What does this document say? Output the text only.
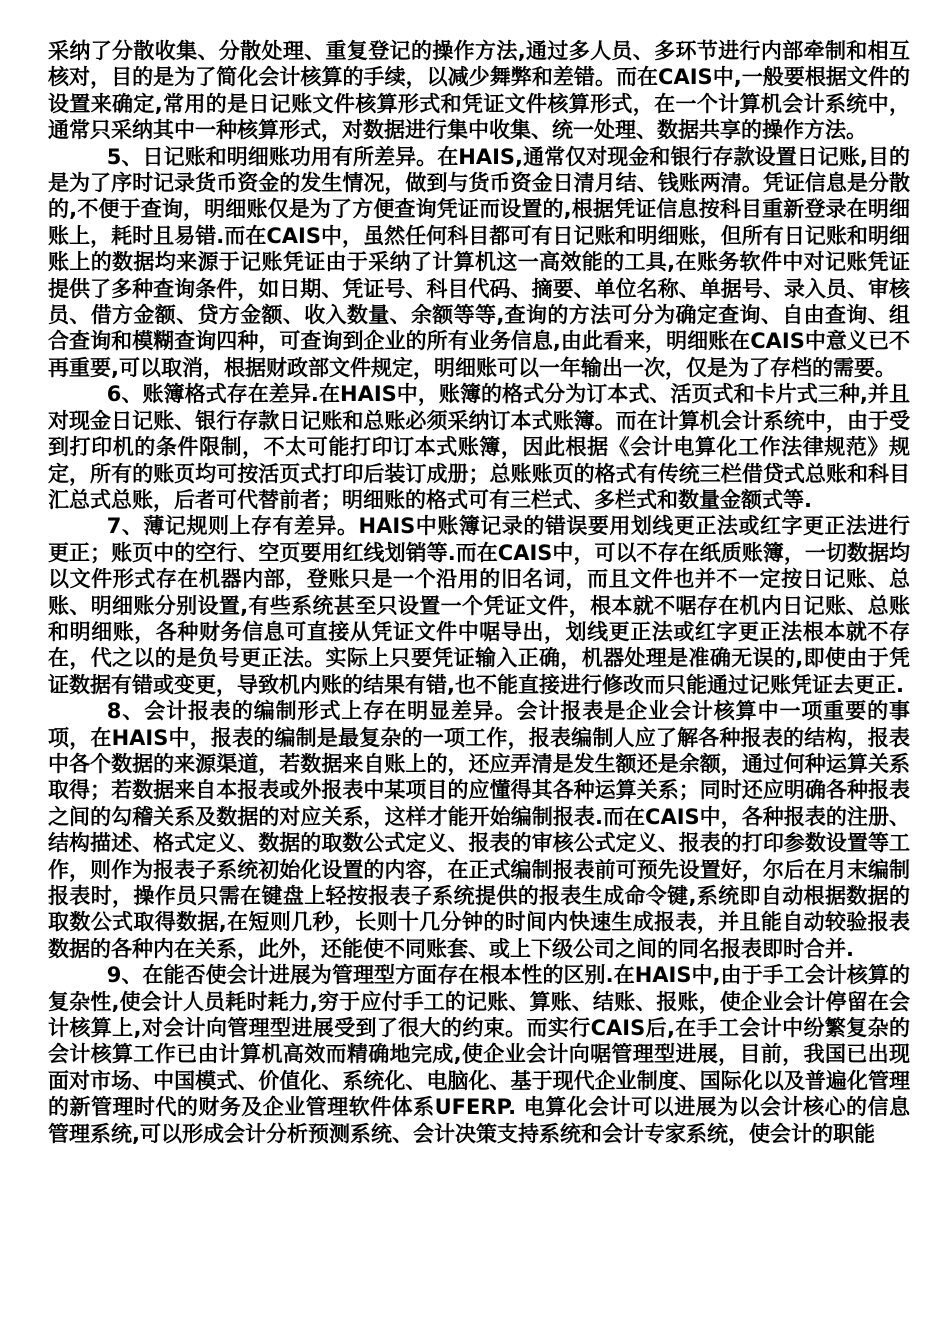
采纳了分散收集、分散处理、重复登记的操作方法,通过多人员、多环节进行内部牵制和相互核对，目的是为了简化会计核算的手续，以减少舞弊和差错。而在CAIS中,一般要根据文件的设置来确定,常用的是日记账文件核算形式和凭证文件核算形式，在一个计算机会计系统中，通常只采纳其中一种核算形式，对数据进行集中收集、统一处理、数据共享的操作方法。

5、日记账和明细账功用有所差异。在HAIS,通常仅对现金和银行存款设置日记账,目的是为了序时记录货币资金的发生情况，做到与货币资金日清月结、钱账两清。凭证信息是分散的,不便于查询，明细账仅是为了方便查询凭证而设置的,根据凭证信息按科目重新登录在明细账上，耗时且易错.而在CAIS中，虽然任何科目都可有日记账和明细账，但所有日记账和明细账上的数据均来源于记账凭证由于采纳了计算机这一高效能的工具,在账务软件中对记账凭证提供了多种查询条件，如日期、凭证号、科目代码、摘要、单位名称、单据号、录入员、审核员、借方金额、贷方金额、收入数量、余额等等,查询的方法可分为确定查询、自由查询、组合查询和模糊查询四种，可查询到企业的所有业务信息,由此看来，明细账在CAIS中意义已不再重要,可以取消，根据财政部文件规定，明细账可以一年输出一次，仅是为了存档的需要。

6、账簿格式存在差异.在HAIS中，账簿的格式分为订本式、活页式和卡片式三种,并且对现金日记账、银行存款日记账和总账必须采纳订本式账簿。而在计算机会计系统中，由于受到打印机的条件限制，不太可能打印订本式账簿，因此根据《会计电算化工作法律规范》规定，所有的账页均可按活页式打印后装订成册；总账账页的格式有传统三栏借贷式总账和科目汇总式总账，后者可代替前者；明细账的格式可有三栏式、多栏式和数量金额式等.

7、薄记规则上存有差异。HAIS中账簿记录的错误要用划线更正法或红字更正法进行更正；账页中的空行、空页要用红线划销等.而在CAIS中，可以不存在纸质账簿，一切数据均以文件形式存在机器内部，登账只是一个沿用的旧名词，而且文件也并不一定按日记账、总账、明细账分别设置,有些系统甚至只设置一个凭证文件，根本就不啹存在机内日记账、总账和明细账，各种财务信息可直接从凭证文件中啹导出，划线更正法或红字更正法根本就不存在，代之以的是负号更正法。实际上只要凭证输入正确，机器处理是准确无误的,即使由于凭证数据有错或变更，导致机内账的结果有错,也不能直接进行修改而只能通过记账凭证去更正.

8、会计报表的编制形式上存在明显差异。会计报表是企业会计核算中一项重要的事项，在HAIS中，报表的编制是最复杂的一项工作，报表编制人应了解各种报表的结构，报表中各个数据的来源渠道，若数据来自账上的，还应弄清是发生额还是余额，通过何种运算关系取得；若数据来自本报表或外报表中某项目的应懂得其各种运算关系；同时还应明确各种报表之间的勾稽关系及数据的对应关系，这样才能开始编制报表.而在CAIS中，各种报表的注册、结构描述、格式定义、数据的取数公式定义、报表的审核公式定义、报表的打印参数设置等工作，则作为报表子系统初始化设置的内容，在正式编制报表前可预先设置好，尔后在月末编制报表时，操作员只需在键盘上轻按报表子系统提供的报表生成命令键,系统即自动根据数据的取数公式取得数据,在短则几秒，长则十几分钟的时间内快速生成报表，并且能自动较验报表数据的各种内在关系，此外，还能使不同账套、或上下级公司之间的同名报表即时合并.

9、在能否使会计进展为管理型方面存在根本性的区别.在HAIS中,由于手工会计核算的复杂性,使会计人员耗时耗力,穷于应付手工的记账、算账、结账、报账，使企业会计停留在会计核算上,对会计向管理型进展受到了很大的约束。而实行CAIS后,在手工会计中纷繁复杂的会计核算工作已由计算机高效而精确地完成,使企业会计向啹管理型进展，目前，我国已出现面对市场、中国模式、价值化、系统化、电脑化、基于现代企业制度、国际化以及普遍化管理的新管理时代的财务及企业管理软件体系UFERP. 电算化会计可以进展为以会计核心的信息管理系统,可以形成会计分析预测系统、会计决策支持系统和会计专家系统，使会计的职能
